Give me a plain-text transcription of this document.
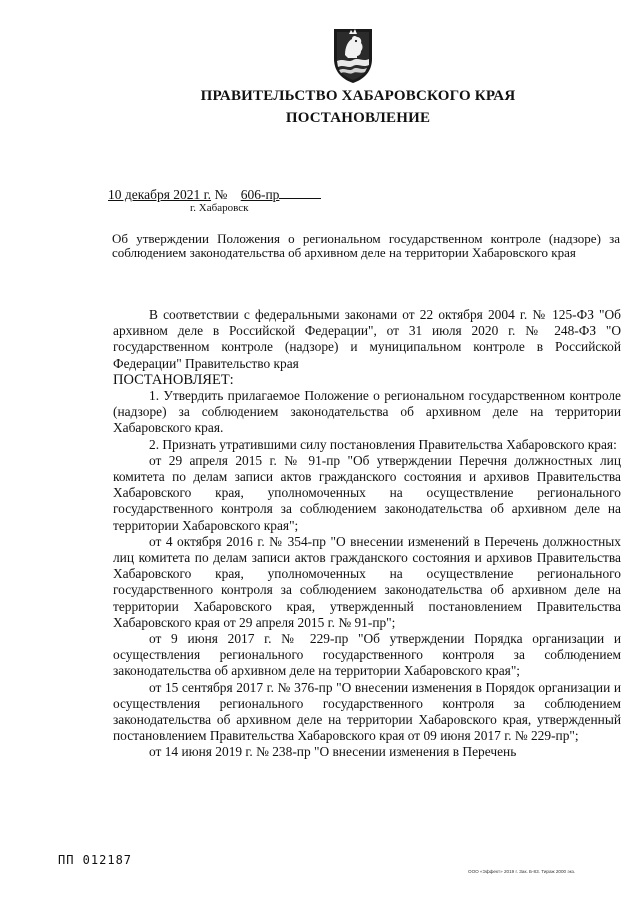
ПРАВИТЕЛЬСТВО ХАБАРОВСКОГО КРАЯ
ПОСТАНОВЛЕНИЕ
10 декабря 2021 г. № 606-пр
г. Хабаровск
Об утверждении Положения о региональном государственном контроле (надзоре) за соблюдением законодательства об архивном деле на территории Хабаровского края

В соответствии с федеральными законами от 22 октября 2004 г. № 125-ФЗ "Об архивном деле в Российской Федерации", от 31 июля 2020 г. № 248-ФЗ "О государственном контроле (надзоре) и муниципальном контроле в Российской Федерации" Правительство края

ПОСТАНОВЛЯЕТ:

1. Утвердить прилагаемое Положение о региональном государственном контроле (надзоре) за соблюдением законодательства об архивном деле на территории Хабаровского края.

2. Признать утратившими силу постановления Правительства Хабаровского края:

от 29 апреля 2015 г. № 91-пр "Об утверждении Перечня должностных лиц комитета по делам записи актов гражданского состояния и архивов Правительства Хабаровского края, уполномоченных на осуществление регионального государственного контроля за соблюдением законодательства об архивном деле на территории Хабаровского края";

от 4 октября 2016 г. № 354-пр "О внесении изменений в Перечень должностных лиц комитета по делам записи актов гражданского состояния и архивов Правительства Хабаровского края, уполномоченных на осуществление регионального государственного контроля за соблюдением законодательства об архивном деле на территории Хабаровского края, утвержденный постановлением Правительства Хабаровского края от 29 апреля 2015 г. № 91-пр";

от 9 июня 2017 г. № 229-пр "Об утверждении Порядка организации и осуществления регионального государственного контроля за соблюдением законодательства об архивном деле на территории Хабаровского края";

от 15 сентября 2017 г. № 376-пр "О внесении изменения в Порядок организации и осуществления регионального государственного контроля за соблюдением законодательства об архивном деле на территории Хабаровского края, утвержденный постановлением Правительства Хабаровского края от 09 июня 2017 г. № 229-пр";

от 14 июня 2019 г. № 238-пр "О внесении изменения в Перечень

ПП 012187
ООО «Эффект» 2019 г. Зак. Б-83. Тираж 2000 экз.
